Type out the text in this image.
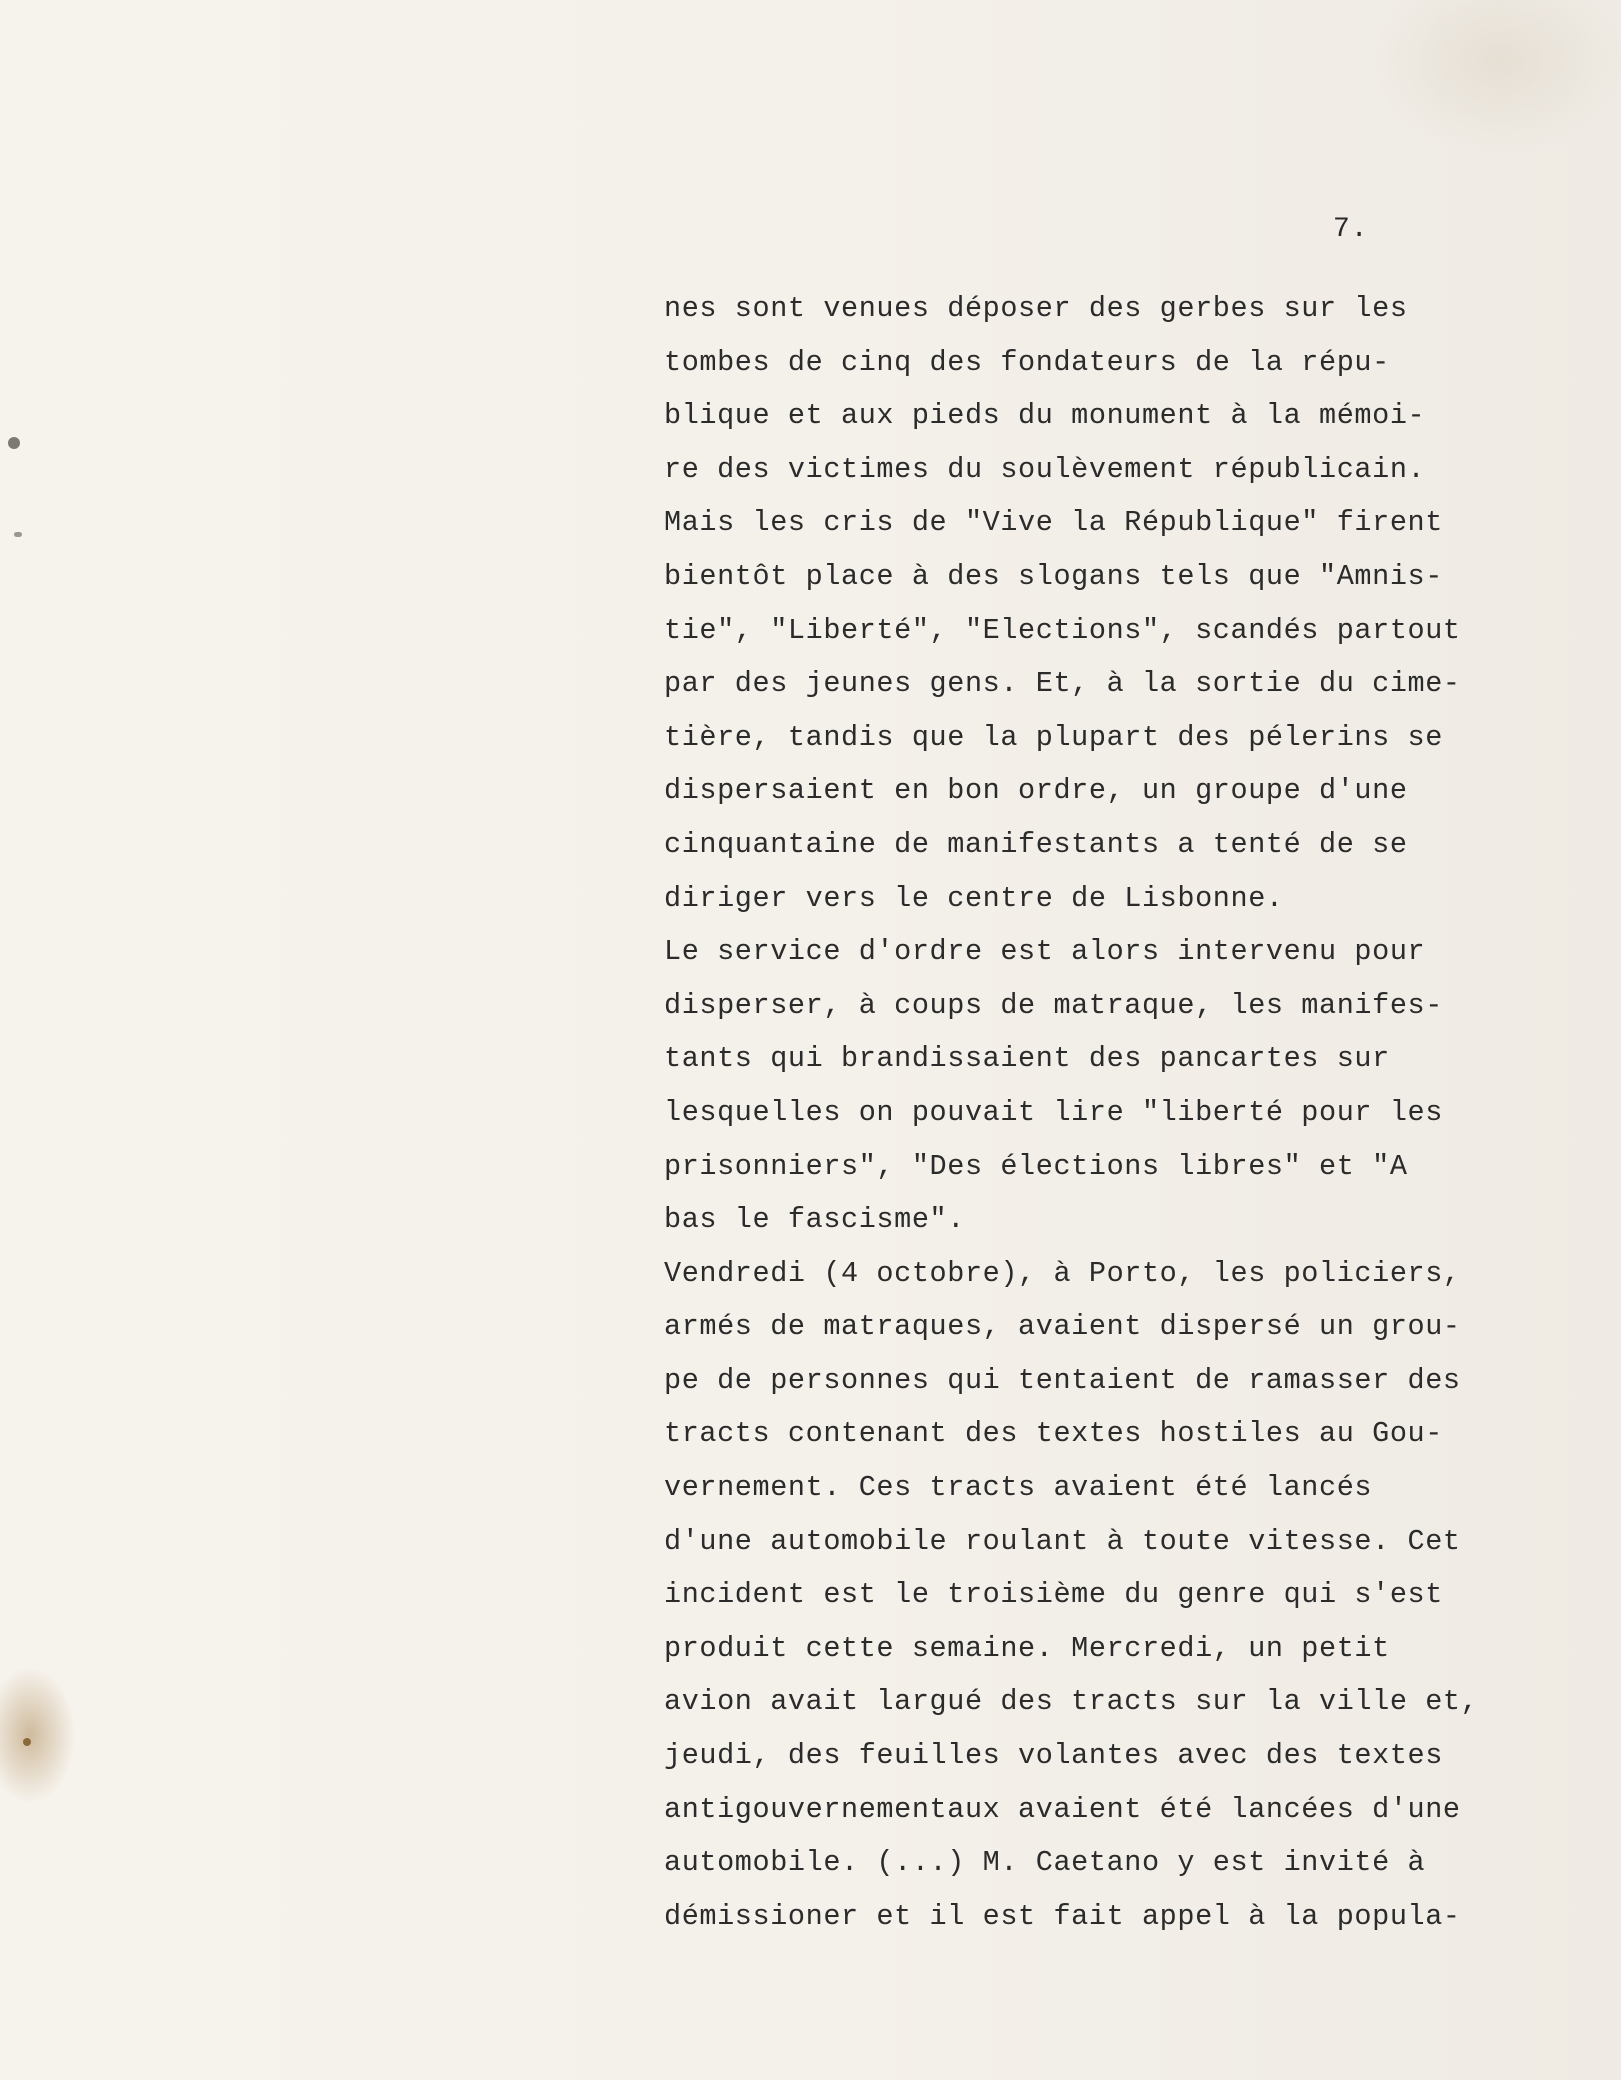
7.
nes sont venues déposer des gerbes sur les
tombes de cinq des fondateurs de la répu-
blique et aux pieds du monument à la mémoi-
re des victimes du soulèvement républicain.
Mais les cris de "Vive la République" firent
bientôt place à des slogans tels que "Amnis-
tie", "Liberté", "Elections", scandés partout
par des jeunes gens. Et, à la sortie du cime-
tière, tandis que la plupart des pélerins se
dispersaient en bon ordre, un groupe d'une
cinquantaine de manifestants a tenté de se
diriger vers le centre de Lisbonne.
Le service d'ordre est alors intervenu pour
disperser, à coups de matraque, les manifes-
tants qui brandissaient des pancartes sur
lesquelles on pouvait lire "liberté pour les
prisonniers", "Des élections libres" et "A
bas le fascisme".
Vendredi (4 octobre), à Porto, les policiers,
armés de matraques, avaient dispersé un grou-
pe de personnes qui tentaient de ramasser des
tracts contenant des textes hostiles au Gou-
vernement. Ces tracts avaient été lancés
d'une automobile roulant à toute vitesse. Cet
incident est le troisième du genre qui s'est
produit cette semaine. Mercredi, un petit
avion avait largué des tracts sur la ville et,
jeudi, des feuilles volantes avec des textes
antigouvernementaux avaient été lancées d'une
automobile. (...) M. Caetano y est invité à
démissioner et il est fait appel à la popula-
